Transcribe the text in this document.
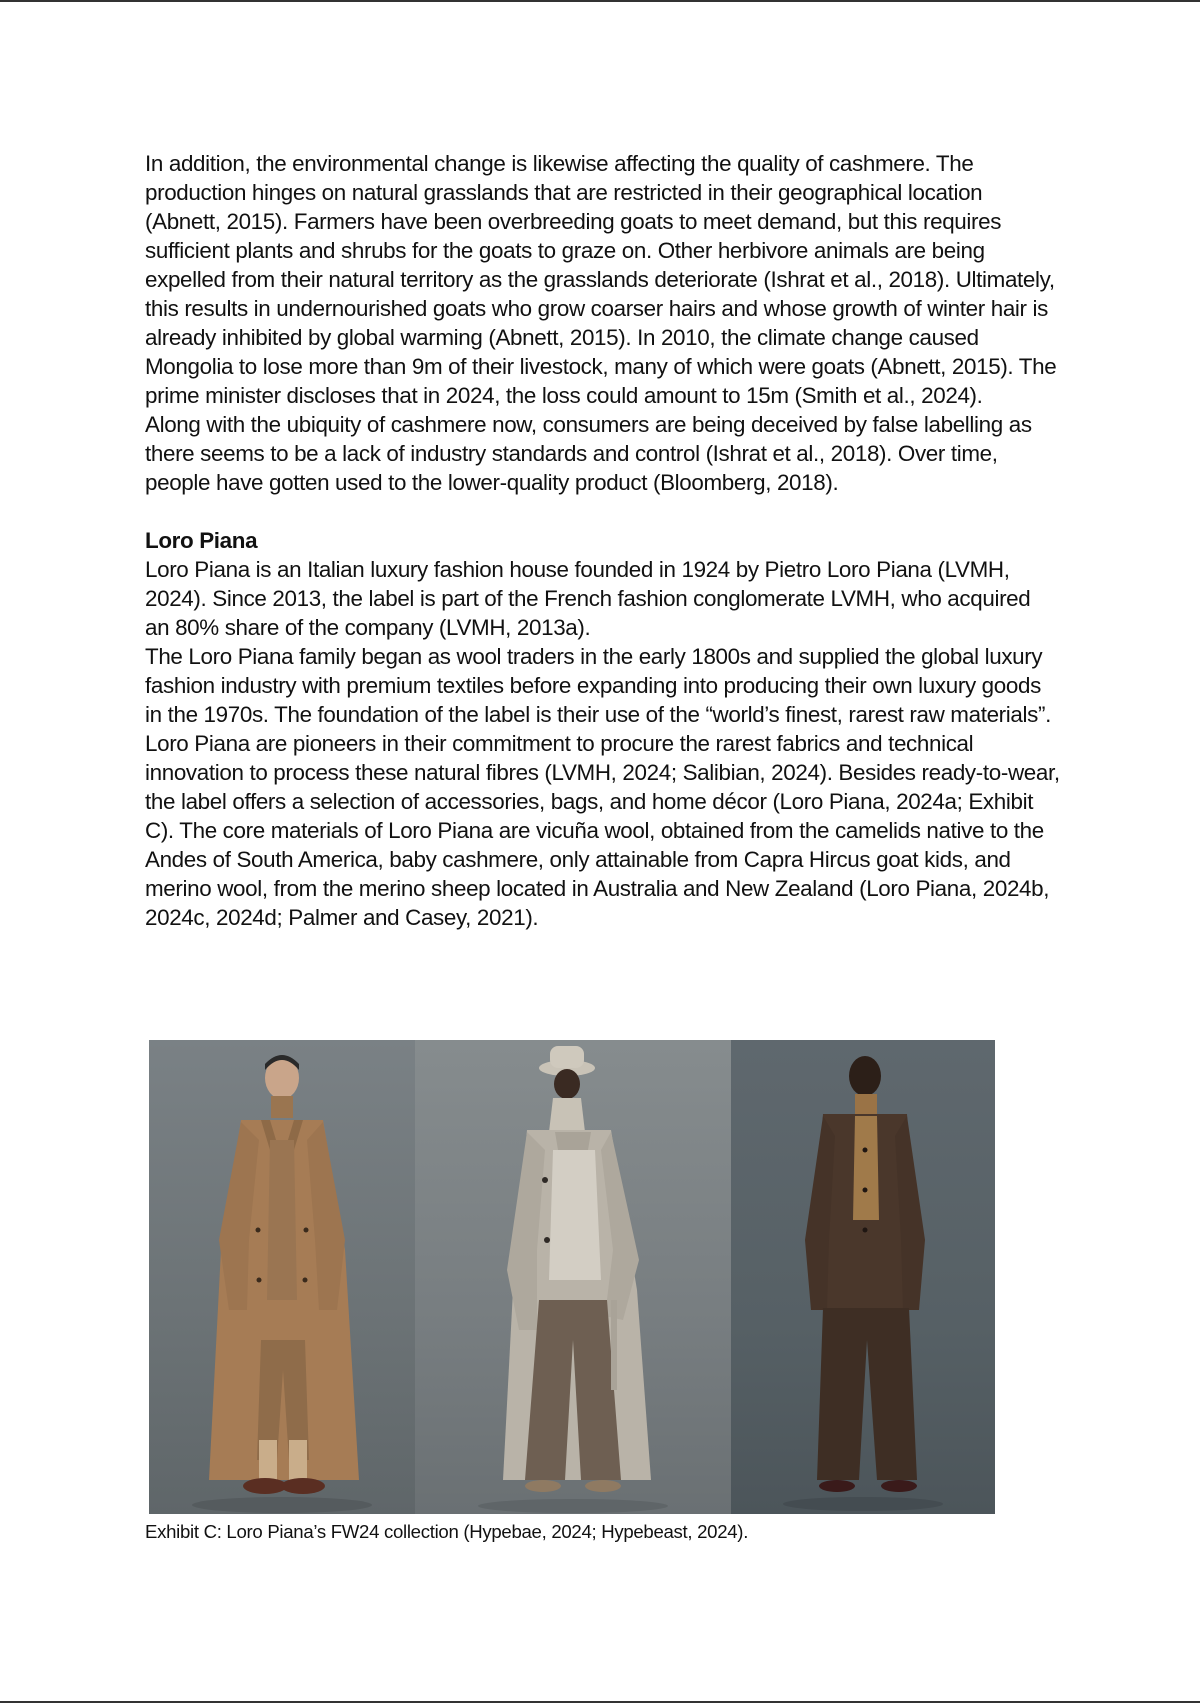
In addition, the environmental change is likewise affecting the quality of cashmere. The production hinges on natural grasslands that are restricted in their geographical location (Abnett, 2015). Farmers have been overbreeding goats to meet demand, but this requires sufficient plants and shrubs for the goats to graze on. Other herbivore animals are being expelled from their natural territory as the grasslands deteriorate (Ishrat et al., 2018). Ultimately, this results in undernourished goats who grow coarser hairs and whose growth of winter hair is already inhibited by global warming (Abnett, 2015). In 2010, the climate change caused Mongolia to lose more than 9m of their livestock, many of which were goats (Abnett, 2015). The prime minister discloses that in 2024, the loss could amount to 15m (Smith et al., 2024).

Along with the ubiquity of cashmere now, consumers are being deceived by false labelling as there seems to be a lack of industry standards and control (Ishrat et al., 2018). Over time, people have gotten used to the lower-quality product (Bloomberg, 2018).

Loro Piana

Loro Piana is an Italian luxury fashion house founded in 1924 by Pietro Loro Piana (LVMH, 2024). Since 2013, the label is part of the French fashion conglomerate LVMH, who acquired an 80% share of the company (LVMH, 2013a).

The Loro Piana family began as wool traders in the early 1800s and supplied the global luxury fashion industry with premium textiles before expanding into producing their own luxury goods in the 1970s. The foundation of the label is their use of the “world’s finest, rarest raw materials”. Loro Piana are pioneers in their commitment to procure the rarest fabrics and technical innovation to process these natural fibres (LVMH, 2024; Salibian, 2024). Besides ready-to-wear, the label offers a selection of accessories, bags, and home décor (Loro Piana, 2024a; Exhibit C). The core materials of Loro Piana are vicuña wool, obtained from the camelids native to the Andes of South America, baby cashmere, only attainable from Capra Hircus goat kids, and merino wool, from the merino sheep located in Australia and New Zealand (Loro Piana, 2024b, 2024c, 2024d; Palmer and Casey, 2021).

Exhibit C: Loro Piana’s FW24 collection (Hypebae, 2024; Hypebeast, 2024).
